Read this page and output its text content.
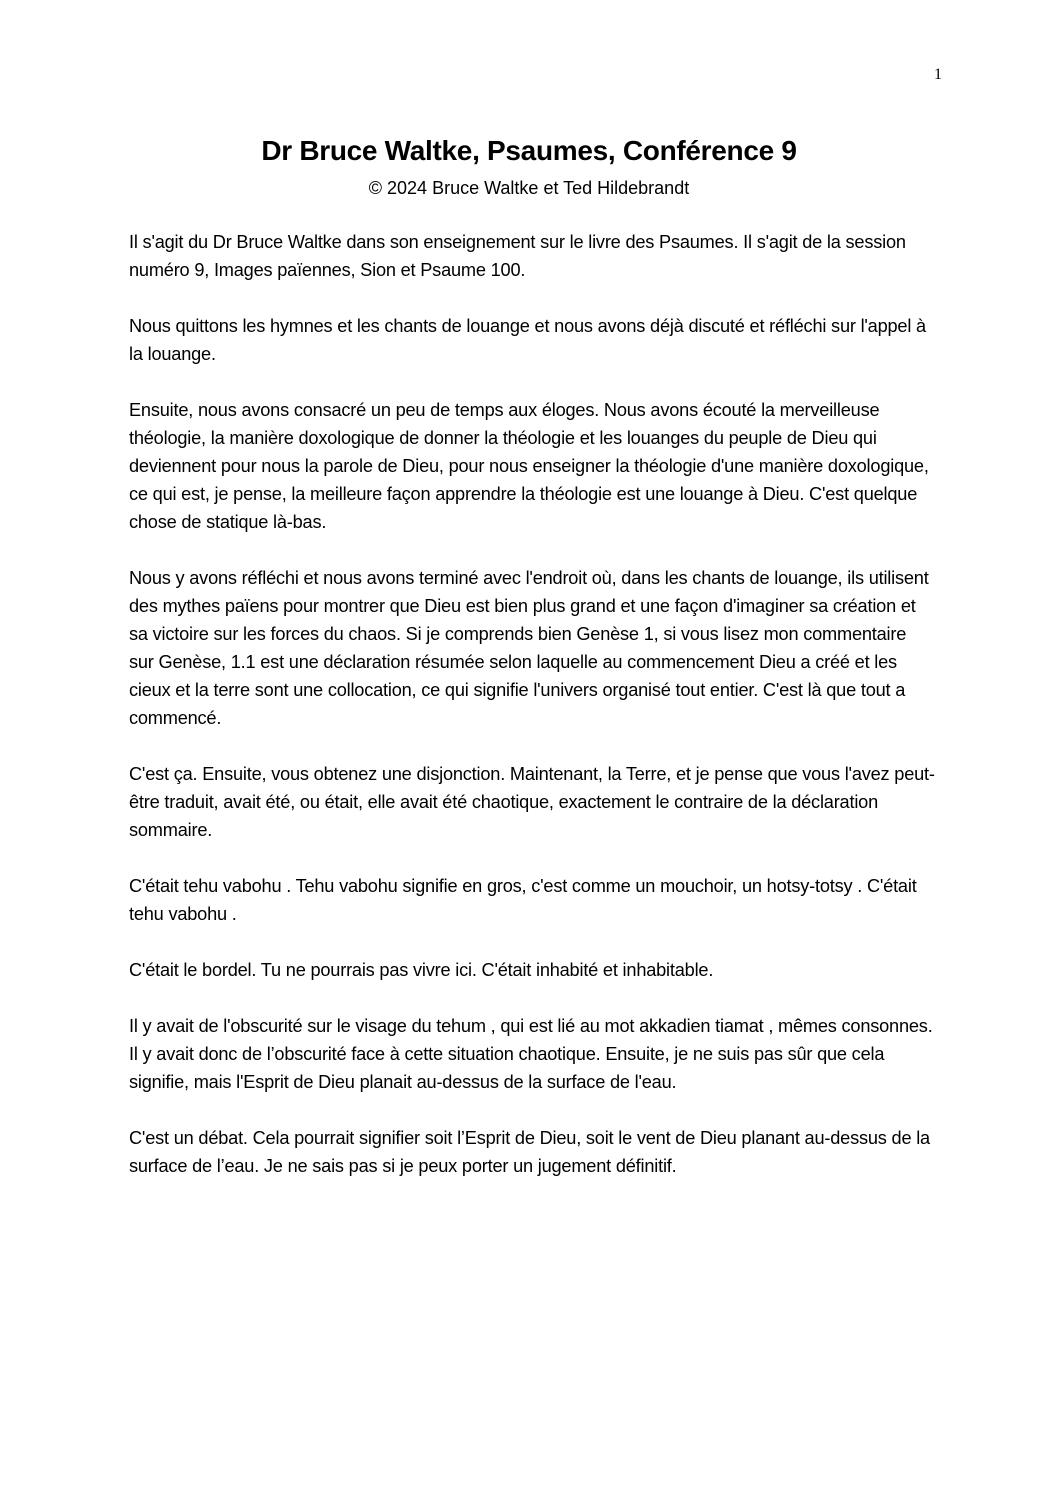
1
Dr Bruce Waltke, Psaumes, Conférence 9
© 2024 Bruce Waltke et Ted Hildebrandt

Il s'agit du Dr Bruce Waltke dans son enseignement sur le livre des Psaumes. Il s'agit de la session numéro 9, Images païennes, Sion et Psaume 100.

Nous quittons les hymnes et les chants de louange et nous avons déjà discuté et réfléchi sur l'appel à la louange.

Ensuite, nous avons consacré un peu de temps aux éloges. Nous avons écouté la merveilleuse théologie, la manière doxologique de donner la théologie et les louanges du peuple de Dieu qui deviennent pour nous la parole de Dieu, pour nous enseigner la théologie d'une manière doxologique, ce qui est, je pense, la meilleure façon apprendre la théologie est une louange à Dieu. C'est quelque chose de statique là-bas.

Nous y avons réfléchi et nous avons terminé avec l'endroit où, dans les chants de louange, ils utilisent des mythes païens pour montrer que Dieu est bien plus grand et une façon d'imaginer sa création et sa victoire sur les forces du chaos. Si je comprends bien Genèse 1, si vous lisez mon commentaire sur Genèse, 1.1 est une déclaration résumée selon laquelle au commencement Dieu a créé et les cieux et la terre sont une collocation, ce qui signifie l'univers organisé tout entier. C'est là que tout a commencé.

C'est ça. Ensuite, vous obtenez une disjonction. Maintenant, la Terre, et je pense que vous l'avez peut-être traduit, avait été, ou était, elle avait été chaotique, exactement le contraire de la déclaration sommaire.

C'était tehu vabohu . Tehu vabohu signifie en gros, c'est comme un mouchoir, un hotsy-totsy . C'était tehu vabohu .

C'était le bordel. Tu ne pourrais pas vivre ici. C'était inhabité et inhabitable.

Il y avait de l'obscurité sur le visage du tehum , qui est lié au mot akkadien tiamat , mêmes consonnes. Il y avait donc de l’obscurité face à cette situation chaotique. Ensuite, je ne suis pas sûr que cela signifie, mais l'Esprit de Dieu planait au-dessus de la surface de l'eau.

C'est un débat. Cela pourrait signifier soit l’Esprit de Dieu, soit le vent de Dieu planant au-dessus de la surface de l’eau. Je ne sais pas si je peux porter un jugement définitif.
